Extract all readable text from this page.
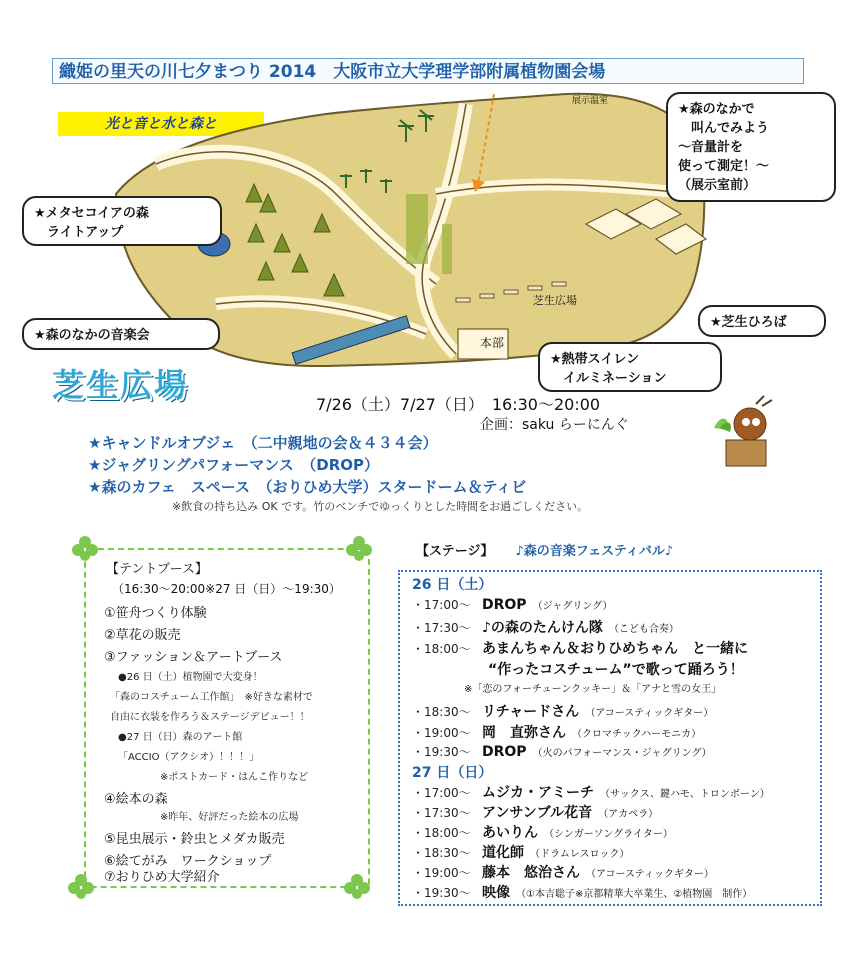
織姫の里天の川七夕まつり 2014　大阪市立大学理学部附属植物園会場
光と音と水と森と
芝生広場
本部
展示温室
★森のなかで
　叫んでみよう
～音量計を
使って測定！～
（展示室前）
★メタセコイアの森
　ライトアップ
★森のなかの音楽会
★芝生ひろば
★熱帯スイレン
　イルミネーション
芝生広場
7/26（土）7/27（日）　16:30～20:00
企画：saku らーにんぐ
★キャンドルオブジェ　（二中親地の会＆４３４会）
★ジャグリングパフォーマンス　（DROP）
★森のカフェ　スペース　（おりひめ大学）スタードーム＆ティビ
※飲食の持ち込み OK です。竹のベンチでゆっくりとした時間をお過ごしください。
【テントブース】
（16:30～20:00※27 日（日）～19:30）
①笹舟つくり体験
②草花の販売
③ファッション＆アートブース
●26 日（土）植物園で大変身！
「森のコスチューム工作館」　※好きな素材で
自由に衣装を作ろう＆ステージデビュー！！
●27 日（日）森のアート館
「ACCIO（アクシオ）！！！」
※ポストカード・はんこ作りなど
④絵本の森
※昨年、好評だった絵本の広場
⑤昆虫展示・鈴虫とメダカ販売
⑥絵てがみ　ワークショップ
⑦おりひめ大学紹介
【ステージ】 ♪森の音楽フェスティバル♪
26 日（土）
・17:00～ DROP （ジャグリング）
・17:30～ ♪の森のたんけん隊 （こども合奏）
・18:00～ あまんちゃん＆おりひめちゃん　と一緒に
“作ったコスチューム”で歌って踊ろう！
※「恋のフォーチューンクッキー」＆「アナと雪の女王」
・18:30～ リチャードさん （アコースティックギター）
・19:00～ 岡　直弥さん （クロマチックハーモニカ）
・19:30～ DROP （火のパフォーマンス・ジャグリング）
27 日（日）
・17:00～ ムジカ・アミーチ （サックス、鍵ハモ、トロンボーン）
・17:30～ アンサンブル花音 （アカペラ）
・18:00～ あいりん （シンガーソングライター）
・18:30～ 道化師 （ドラムレスロック）
・19:00～ 藤本　悠治さん （アコースティックギター）
・19:30～ 映像 （①本吉聡子※京都精華大卒業生、②植物園　制作）
